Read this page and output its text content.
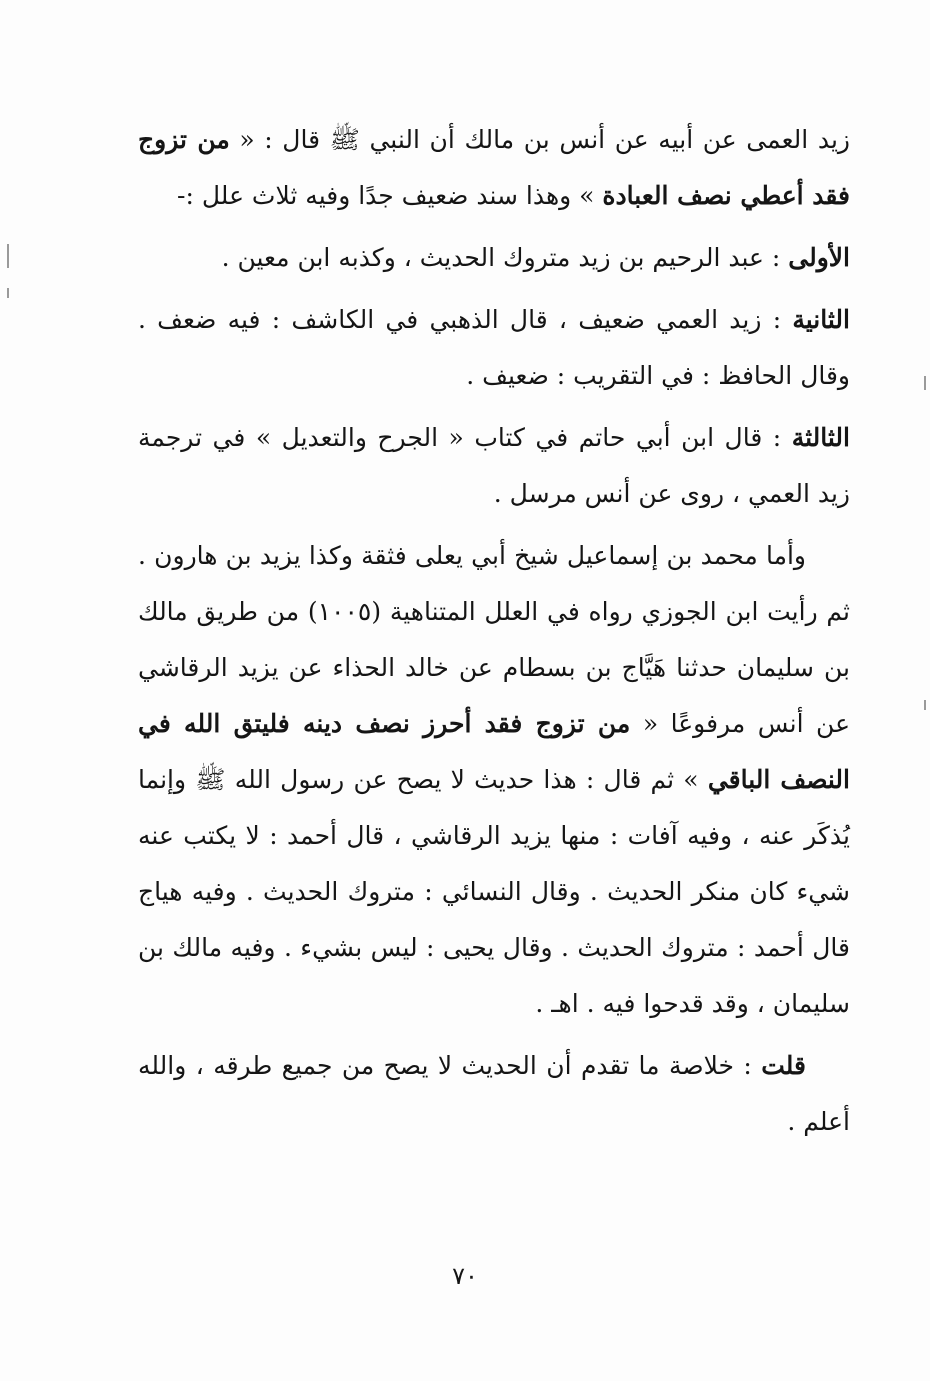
زيد العمى عن أبيه عن أنس بن مالك أن النبي ﷺ قال : « من تزوج فقد أعطي نصف العبادة » وهذا سند ضعيف جدًا وفيه ثلاث علل :-

الأولى : عبد الرحيم بن زيد متروك الحديث ، وكذبه ابن معين .

الثانية : زيد العمي ضعيف ، قال الذهبي في الكاشف : فيه ضعف . وقال الحافظ : في التقريب : ضعيف .

الثالثة : قال ابن أبي حاتم في كتاب « الجرح والتعديل » في ترجمة زيد العمي ، روى عن أنس مرسل .

وأما محمد بن إسماعيل شيخ أبي يعلى فثقة وكذا يزيد بن هارون . ثم رأيت ابن الجوزي رواه في العلل المتناهية (١٠٠٥) من طريق مالك بن سليمان حدثنا هَيَّاج بن بسطام عن خالد الحذاء عن يزيد الرقاشي عن أنس مرفوعًا « من تزوج فقد أحرز نصف دينه فليتق الله في النصف الباقي » ثم قال : هذا حديث لا يصح عن رسول الله ﷺ وإنما يُذكَر عنه ، وفيه آفات : منها يزيد الرقاشي ، قال أحمد : لا يكتب عنه شيء كان منكر الحديث . وقال النسائي : متروك الحديث . وفيه هياج قال أحمد : متروك الحديث . وقال يحيى : ليس بشيء . وفيه مالك بن سليمان ، وقد قدحوا فيه . اهـ .

قلت : خلاصة ما تقدم أن الحديث لا يصح من جميع طرقه ، والله أعلم .

٧٠
